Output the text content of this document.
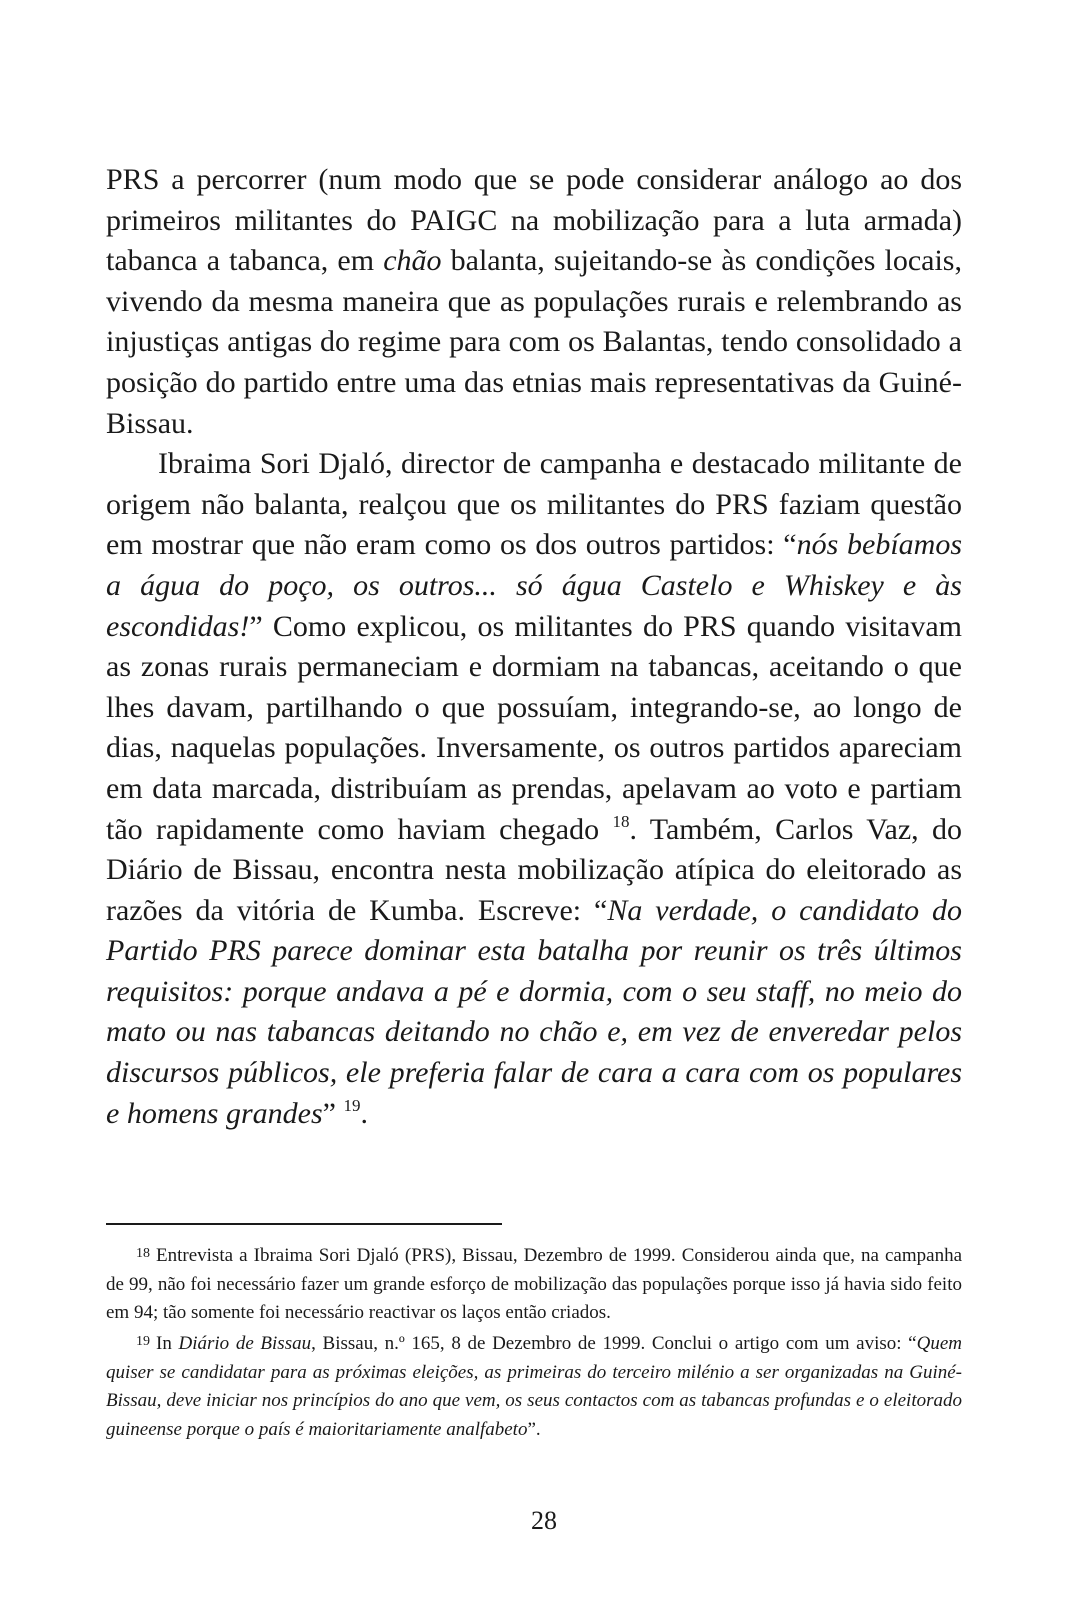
PRS a percorrer (num modo que se pode considerar análogo ao dos primeiros militantes do PAIGC na mobilização para a luta armada) tabanca a tabanca, em chão balanta, sujeitando-se às condições locais, vivendo da mesma maneira que as populações rurais e relembrando as injustiças antigas do regime para com os Balantas, tendo consolidado a posição do partido entre uma das etnias mais representativas da Guiné-Bissau.

Ibraima Sori Djaló, director de campanha e destacado militante de origem não balanta, realçou que os militantes do PRS faziam questão em mostrar que não eram como os dos outros partidos: “nós bebíamos a água do poço, os outros... só água Castelo e Whiskey e às escondidas!” Como explicou, os militantes do PRS quando visitavam as zonas rurais permaneciam e dormiam na tabancas, aceitando o que lhes davam, partilhando o que possuíam, integrando-se, ao longo de dias, naquelas populações. Inversamente, os outros partidos apareciam em data marcada, distribuíam as prendas, apelavam ao voto e partiam tão rapidamente como haviam chegado $^{18}$. Também, Carlos Vaz, do Diário de Bissau, encontra nesta mobilização atípica do eleitorado as razões da vitória de Kumba. Escreve: “Na verdade, o candidato do Partido PRS parece dominar esta batalha por reunir os três últimos requisitos: porque andava a pé e dormia, com o seu staff, no meio do mato ou nas tabancas deitando no chão e, em vez de enveredar pelos discursos públicos, ele preferia falar de cara a cara com os populares e homens grandes” $^{19}$.

$^{18}$ Entrevista a Ibraima Sori Djaló (PRS), Bissau, Dezembro de 1999. Considerou ainda que, na campanha de 99, não foi necessário fazer um grande esforço de mobilização das populações porque isso já havia sido feito em 94; tão somente foi necessário reactivar os laços então criados.

$^{19}$ In Diário de Bissau, Bissau, n.º 165, 8 de Dezembro de 1999. Conclui o artigo com um aviso: “Quem quiser se candidatar para as próximas eleições, as primeiras do terceiro milénio a ser organizadas na Guiné-Bissau, deve iniciar nos princípios do ano que vem, os seus contactos com as tabancas profundas e o eleitorado guineense porque o país é maioritariamente analfabeto”.

28
